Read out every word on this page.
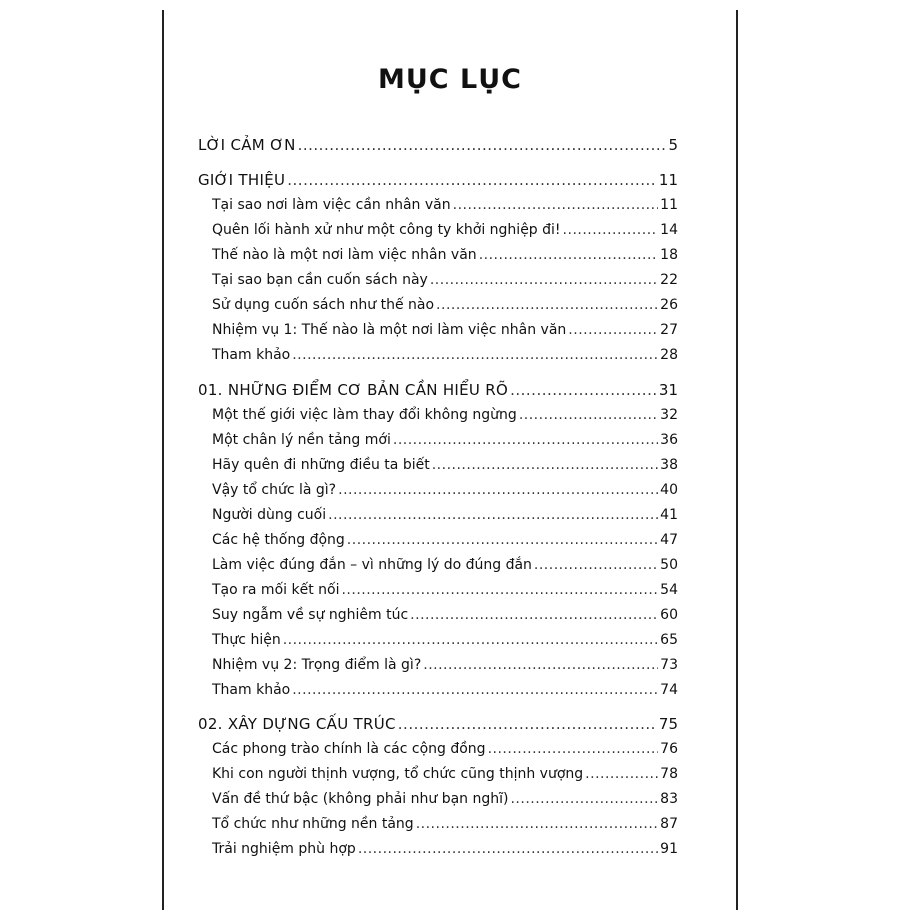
MỤC LỤC
LỜI CẢM ƠN .....	5
GIỚI THIỆU .....	11
Tại sao nơi làm việc cần nhân văn .....	11
Quên lối hành xử như một công ty khởi nghiệp đi! .....	14
Thế nào là một nơi làm việc nhân văn .....	18
Tại sao bạn cần cuốn sách này .....	22
Sử dụng cuốn sách như thế nào .....	26
Nhiệm vụ 1: Thế nào là một nơi làm việc nhân văn .....	27
Tham khảo .....	28
01. NHỮNG ĐIỂM CƠ BẢN CẦN HIỂU RÕ .....	31
Một thế giới việc làm thay đổi không ngừng .....	32
Một chân lý nền tảng mới .....	36
Hãy quên đi những điều ta biết .....	38
Vậy tổ chức là gì? .....	40
Người dùng cuối .....	41
Các hệ thống động .....	47
Làm việc đúng đắn – vì những lý do đúng đắn .....	50
Tạo ra mối kết nối .....	54
Suy ngẫm về sự nghiêm túc .....	60
Thực hiện .....	65
Nhiệm vụ 2: Trọng điểm là gì? .....	73
Tham khảo .....	74
02. XÂY DỰNG CẤU TRÚC .....	75
Các phong trào chính là các cộng đồng .....	76
Khi con người thịnh vượng, tổ chức cũng thịnh vượng .....	78
Vấn đề thứ bậc (không phải như bạn nghĩ) .....	83
Tổ chức như những nền tảng .....	87
Trải nghiệm phù hợp .....	91
